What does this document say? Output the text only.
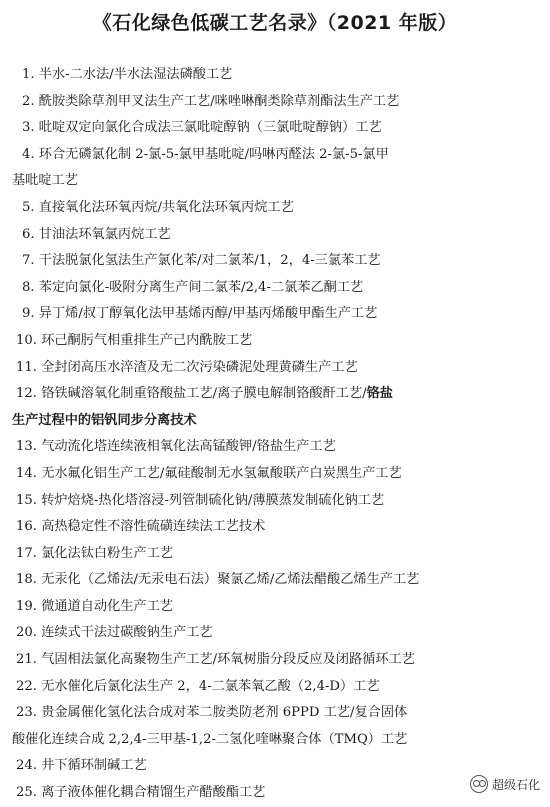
《石化绿色低碳工艺名录》（2021 年版）
1. 半水-二水法/半水法湿法磷酸工艺
2. 酰胺类除草剂甲叉法生产工艺/咪唑啉酮类除草剂酯法生产工艺
3. 吡啶双定向氯化合成法三氯吡啶醇钠（三氯吡啶醇钠）工艺
4. 环合无磷氯化制 2-氯-5-氯甲基吡啶/吗啉丙醛法 2-氯-5-氯甲
基吡啶工艺
5. 直接氧化法环氧丙烷/共氧化法环氧丙烷工艺
6. 甘油法环氧氯丙烷工艺
7. 干法脱氯化氢法生产氯化苯/对二氯苯/1，2，4-三氯苯工艺
8. 苯定向氯化-吸附分离生产间二氯苯/2,4-二氯苯乙酮工艺
9. 异丁烯/叔丁醇氧化法甲基烯丙醇/甲基丙烯酸甲酯生产工艺
10. 环己酮肟气相重排生产己内酰胺工艺
11. 全封闭高压水淬渣及无二次污染磷泥处理黄磷生产工艺
12. 铬铁碱溶氧化制重铬酸盐工艺/离子膜电解制铬酸酐工艺/铬盐
生产过程中的铝钒同步分离技术
13. 气动流化塔连续液相氧化法高锰酸钾/铬盐生产工艺
14. 无水氟化铝生产工艺/氟硅酸制无水氢氟酸联产白炭黑生产工艺
15. 转炉焙烧-热化塔溶浸-列管制硫化钠/薄膜蒸发制硫化钠工艺
16. 高热稳定性不溶性硫磺连续法工艺技术
17. 氯化法钛白粉生产工艺
18. 无汞化（乙烯法/无汞电石法）聚氯乙烯/乙烯法醋酸乙烯生产工艺
19. 微通道自动化生产工艺
20. 连续式干法过碳酸钠生产工艺
21. 气固相法氯化高聚物生产工艺/环氧树脂分段反应及闭路循环工艺
22. 无水催化后氯化法生产 2，4-二氯苯氧乙酸（2,4-D）工艺
23. 贵金属催化氢化法合成对苯二胺类防老剂 6PPD 工艺/复合固体
酸催化连续合成 2,2,4-三甲基-1,2-二氢化喹啉聚合体（TMQ）工艺
24. 井下循环制碱工艺
25. 离子液体催化耦合精馏生产醋酸酯工艺
超级石化
